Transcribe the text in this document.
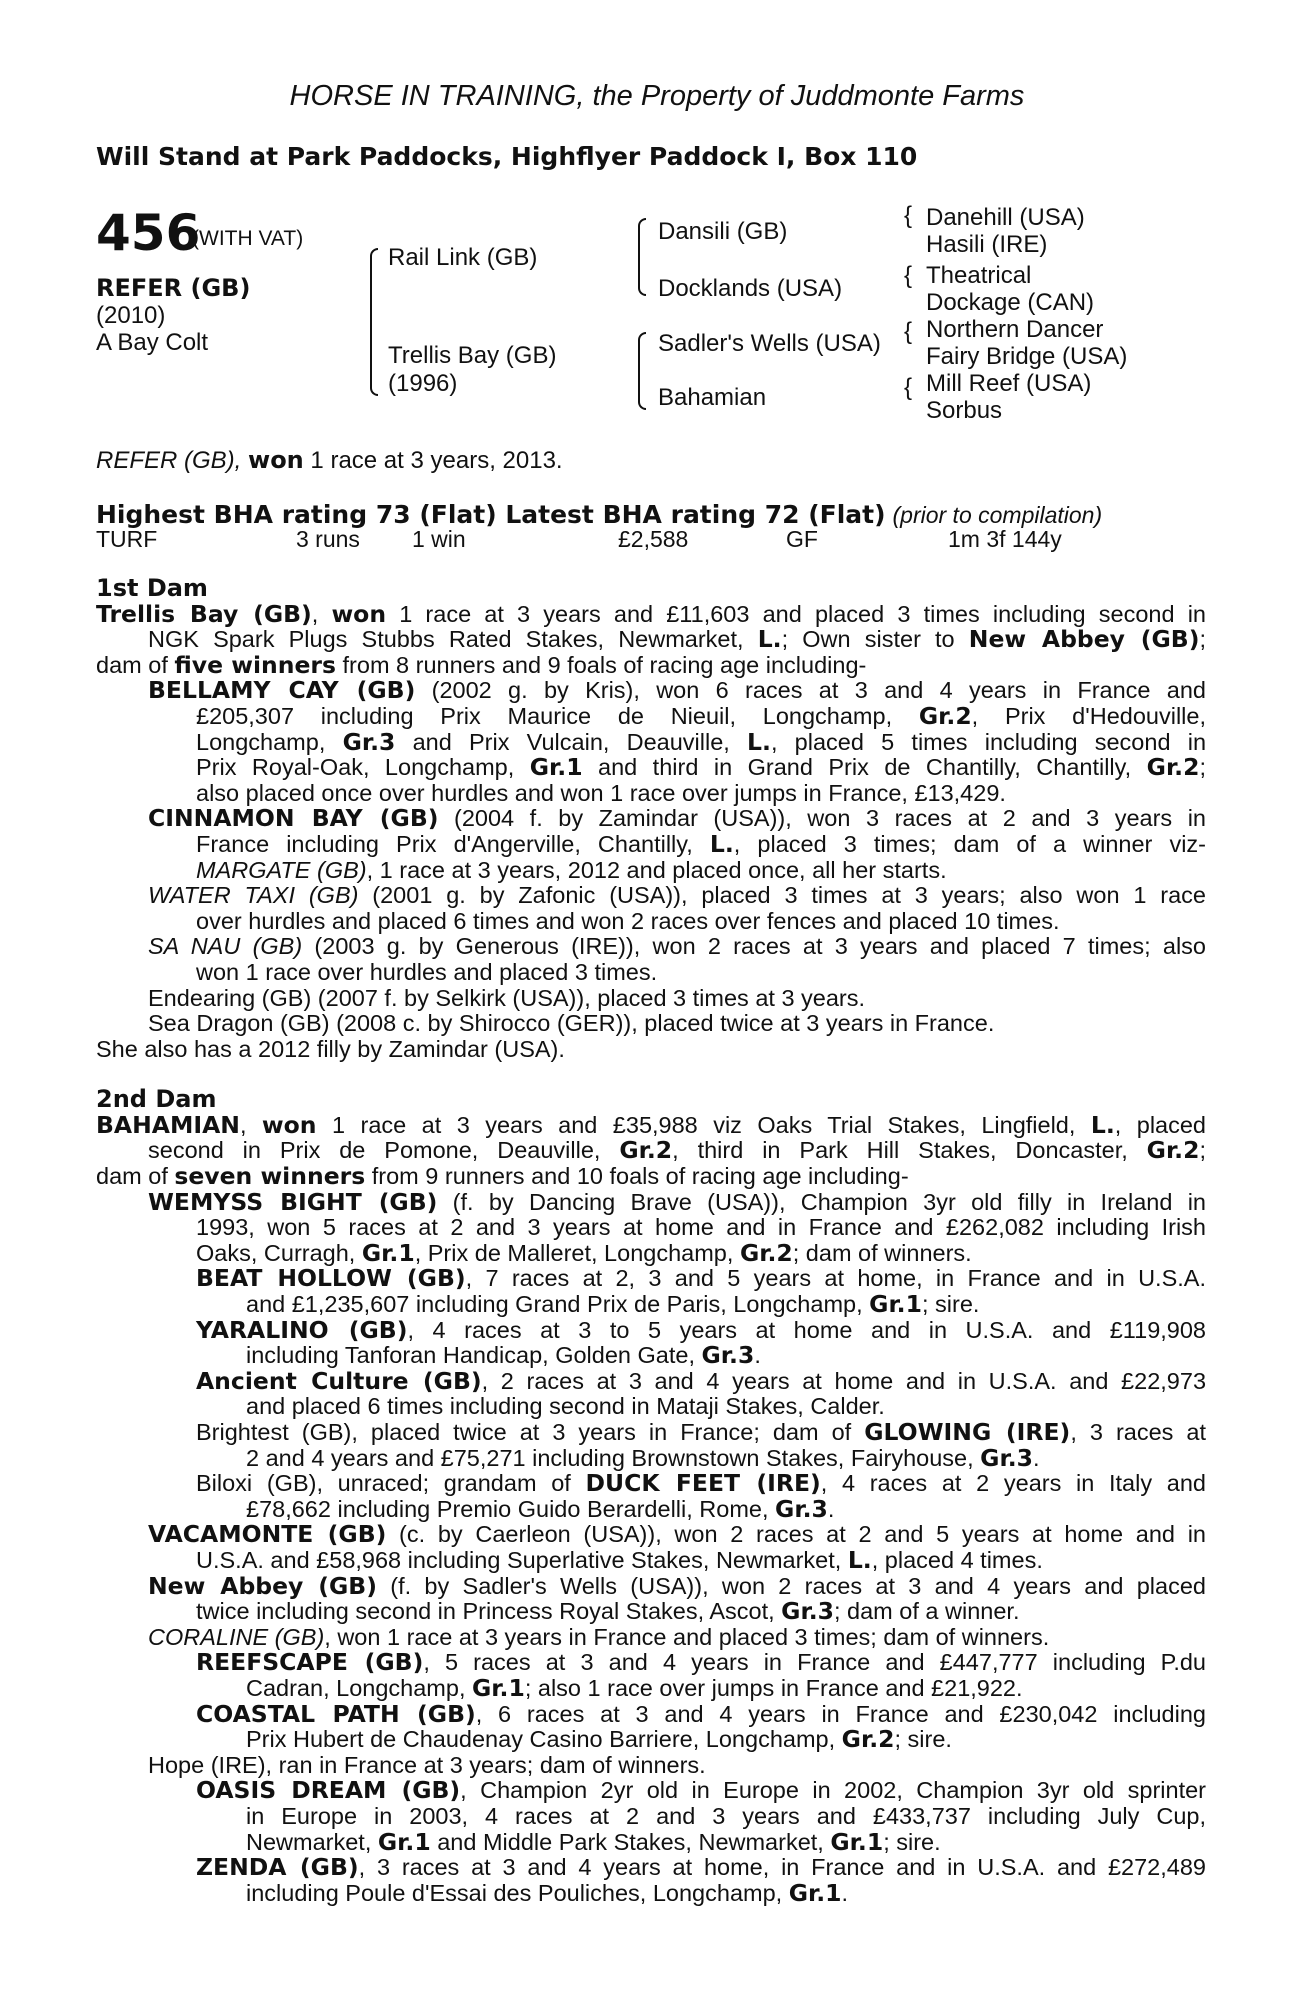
HORSE IN TRAINING, the Property of Juddmonte Farms
Will Stand at Park Paddocks, Highflyer Paddock I, Box 110
456
(WITH VAT)
REFER (GB)
(2010)
A Bay Colt
Rail Link (GB)
Trellis Bay (GB)
(1996)
Dansili (GB)
Docklands (USA)
Sadler's Wells (USA)
Bahamian
{ Danehill (USA)
Hasili (IRE)
{ Theatrical
Dockage (CAN)
{ Northern Dancer
Fairy Bridge (USA)
{ Mill Reef (USA)
Sorbus
REFER (GB), won 1 race at 3 years, 2013.
Highest BHA rating 73 (Flat) Latest BHA rating 72 (Flat) (prior to compilation)
TURF	3 runs 1 win	£2,588	GF	1m 3f 144y
1st Dam
Trellis Bay (GB), won 1 race at 3 years and £11,603 and placed 3 times including second in
NGK Spark Plugs Stubbs Rated Stakes, Newmarket, L.; Own sister to New Abbey (GB);
dam of five winners from 8 runners and 9 foals of racing age including-
BELLAMY CAY (GB) (2002 g. by Kris), won 6 races at 3 and 4 years in France and
£205,307 including Prix Maurice de Nieuil, Longchamp, Gr.2, Prix d'Hedouville,
Longchamp, Gr.3 and Prix Vulcain, Deauville, L., placed 5 times including second in
Prix Royal-Oak, Longchamp, Gr.1 and third in Grand Prix de Chantilly, Chantilly, Gr.2;
also placed once over hurdles and won 1 race over jumps in France, £13,429.
CINNAMON BAY (GB) (2004 f. by Zamindar (USA)), won 3 races at 2 and 3 years in
France including Prix d'Angerville, Chantilly, L., placed 3 times; dam of a winner viz-
MARGATE (GB), 1 race at 3 years, 2012 and placed once, all her starts.
WATER TAXI (GB) (2001 g. by Zafonic (USA)), placed 3 times at 3 years; also won 1 race
over hurdles and placed 6 times and won 2 races over fences and placed 10 times.
SA NAU (GB) (2003 g. by Generous (IRE)), won 2 races at 3 years and placed 7 times; also
won 1 race over hurdles and placed 3 times.
Endearing (GB) (2007 f. by Selkirk (USA)), placed 3 times at 3 years.
Sea Dragon (GB) (2008 c. by Shirocco (GER)), placed twice at 3 years in France.
She also has a 2012 filly by Zamindar (USA).
2nd Dam
BAHAMIAN, won 1 race at 3 years and £35,988 viz Oaks Trial Stakes, Lingfield, L., placed
second in Prix de Pomone, Deauville, Gr.2, third in Park Hill Stakes, Doncaster, Gr.2;
dam of seven winners from 9 runners and 10 foals of racing age including-
WEMYSS BIGHT (GB) (f. by Dancing Brave (USA)), Champion 3yr old filly in Ireland in
1993, won 5 races at 2 and 3 years at home and in France and £262,082 including Irish
Oaks, Curragh, Gr.1, Prix de Malleret, Longchamp, Gr.2; dam of winners.
BEAT HOLLOW (GB), 7 races at 2, 3 and 5 years at home, in France and in U.S.A.
and £1,235,607 including Grand Prix de Paris, Longchamp, Gr.1; sire.
YARALINO (GB), 4 races at 3 to 5 years at home and in U.S.A. and £119,908
including Tanforan Handicap, Golden Gate, Gr.3.
Ancient Culture (GB), 2 races at 3 and 4 years at home and in U.S.A. and £22,973
and placed 6 times including second in Mataji Stakes, Calder.
Brightest (GB), placed twice at 3 years in France; dam of GLOWING (IRE), 3 races at
2 and 4 years and £75,271 including Brownstown Stakes, Fairyhouse, Gr.3.
Biloxi (GB), unraced; grandam of DUCK FEET (IRE), 4 races at 2 years in Italy and
£78,662 including Premio Guido Berardelli, Rome, Gr.3.
VACAMONTE (GB) (c. by Caerleon (USA)), won 2 races at 2 and 5 years at home and in
U.S.A. and £58,968 including Superlative Stakes, Newmarket, L., placed 4 times.
New Abbey (GB) (f. by Sadler's Wells (USA)), won 2 races at 3 and 4 years and placed
twice including second in Princess Royal Stakes, Ascot, Gr.3; dam of a winner.
CORALINE (GB), won 1 race at 3 years in France and placed 3 times; dam of winners.
REEFSCAPE (GB), 5 races at 3 and 4 years in France and £447,777 including P.du
Cadran, Longchamp, Gr.1; also 1 race over jumps in France and £21,922.
COASTAL PATH (GB), 6 races at 3 and 4 years in France and £230,042 including
Prix Hubert de Chaudenay Casino Barriere, Longchamp, Gr.2; sire.
Hope (IRE), ran in France at 3 years; dam of winners.
OASIS DREAM (GB), Champion 2yr old in Europe in 2002, Champion 3yr old sprinter
in Europe in 2003, 4 races at 2 and 3 years and £433,737 including July Cup,
Newmarket, Gr.1 and Middle Park Stakes, Newmarket, Gr.1; sire.
ZENDA (GB), 3 races at 3 and 4 years at home, in France and in U.S.A. and £272,489
including Poule d'Essai des Pouliches, Longchamp, Gr.1.
